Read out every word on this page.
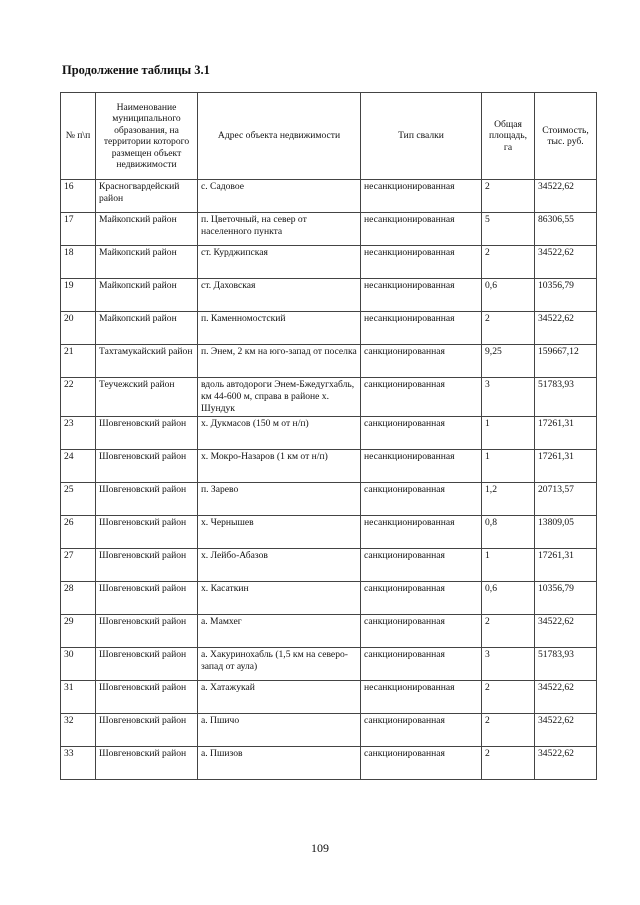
Продолжение таблицы 3.1
№ п\п	Наименование муниципального образования, на территории которого размещен объект недвижимости	Адрес объекта недвижимости	Тип свалки	Общая площадь, га	Стоимость, тыс. руб.
16	Красногвардейский район	с. Садовое	несанкционированная	2	34522,62
17	Майкопский район	п. Цветочный, на север от населенного пункта	несанкционированная	5	86306,55
18	Майкопский район	ст. Курджипская	несанкционированная	2	34522,62
19	Майкопский район	ст. Даховская	несанкционированная	0,6	10356,79
20	Майкопский район	п. Каменномостский	несанкционированная	2	34522,62
21	Тахтамукайский район	п. Энем, 2 км на юго-запад от поселка	санкционированная	9,25	159667,12
22	Теучежский район	вдоль автодороги Энем-Бжедугхабль, км 44-600 м, справа в районе х. Шундук	санкционированная	3	51783,93
23	Шовгеновский район	х. Дукмасов (150 м от н/п)	санкционированная	1	17261,31
24	Шовгеновский район	х. Мокро-Назаров (1 км от н/п)	несанкционированная	1	17261,31
25	Шовгеновский район	п. Зарево	санкционированная	1,2	20713,57
26	Шовгеновский район	х. Чернышев	несанкционированная	0,8	13809,05
27	Шовгеновский район	х. Лейбо-Абазов	санкционированная	1	17261,31
28	Шовгеновский район	х. Касаткин	санкционированная	0,6	10356,79
29	Шовгеновский район	а. Мамхег	санкционированная	2	34522,62
30	Шовгеновский район	а. Хакуринохабль (1,5 км на северо-запад от аула)	санкционированная	3	51783,93
31	Шовгеновский район	а. Хатажукай	несанкционированная	2	34522,62
32	Шовгеновский район	а. Пшичо	санкционированная	2	34522,62
33	Шовгеновский район	а. Пшизов	санкционированная	2	34522,62
109
